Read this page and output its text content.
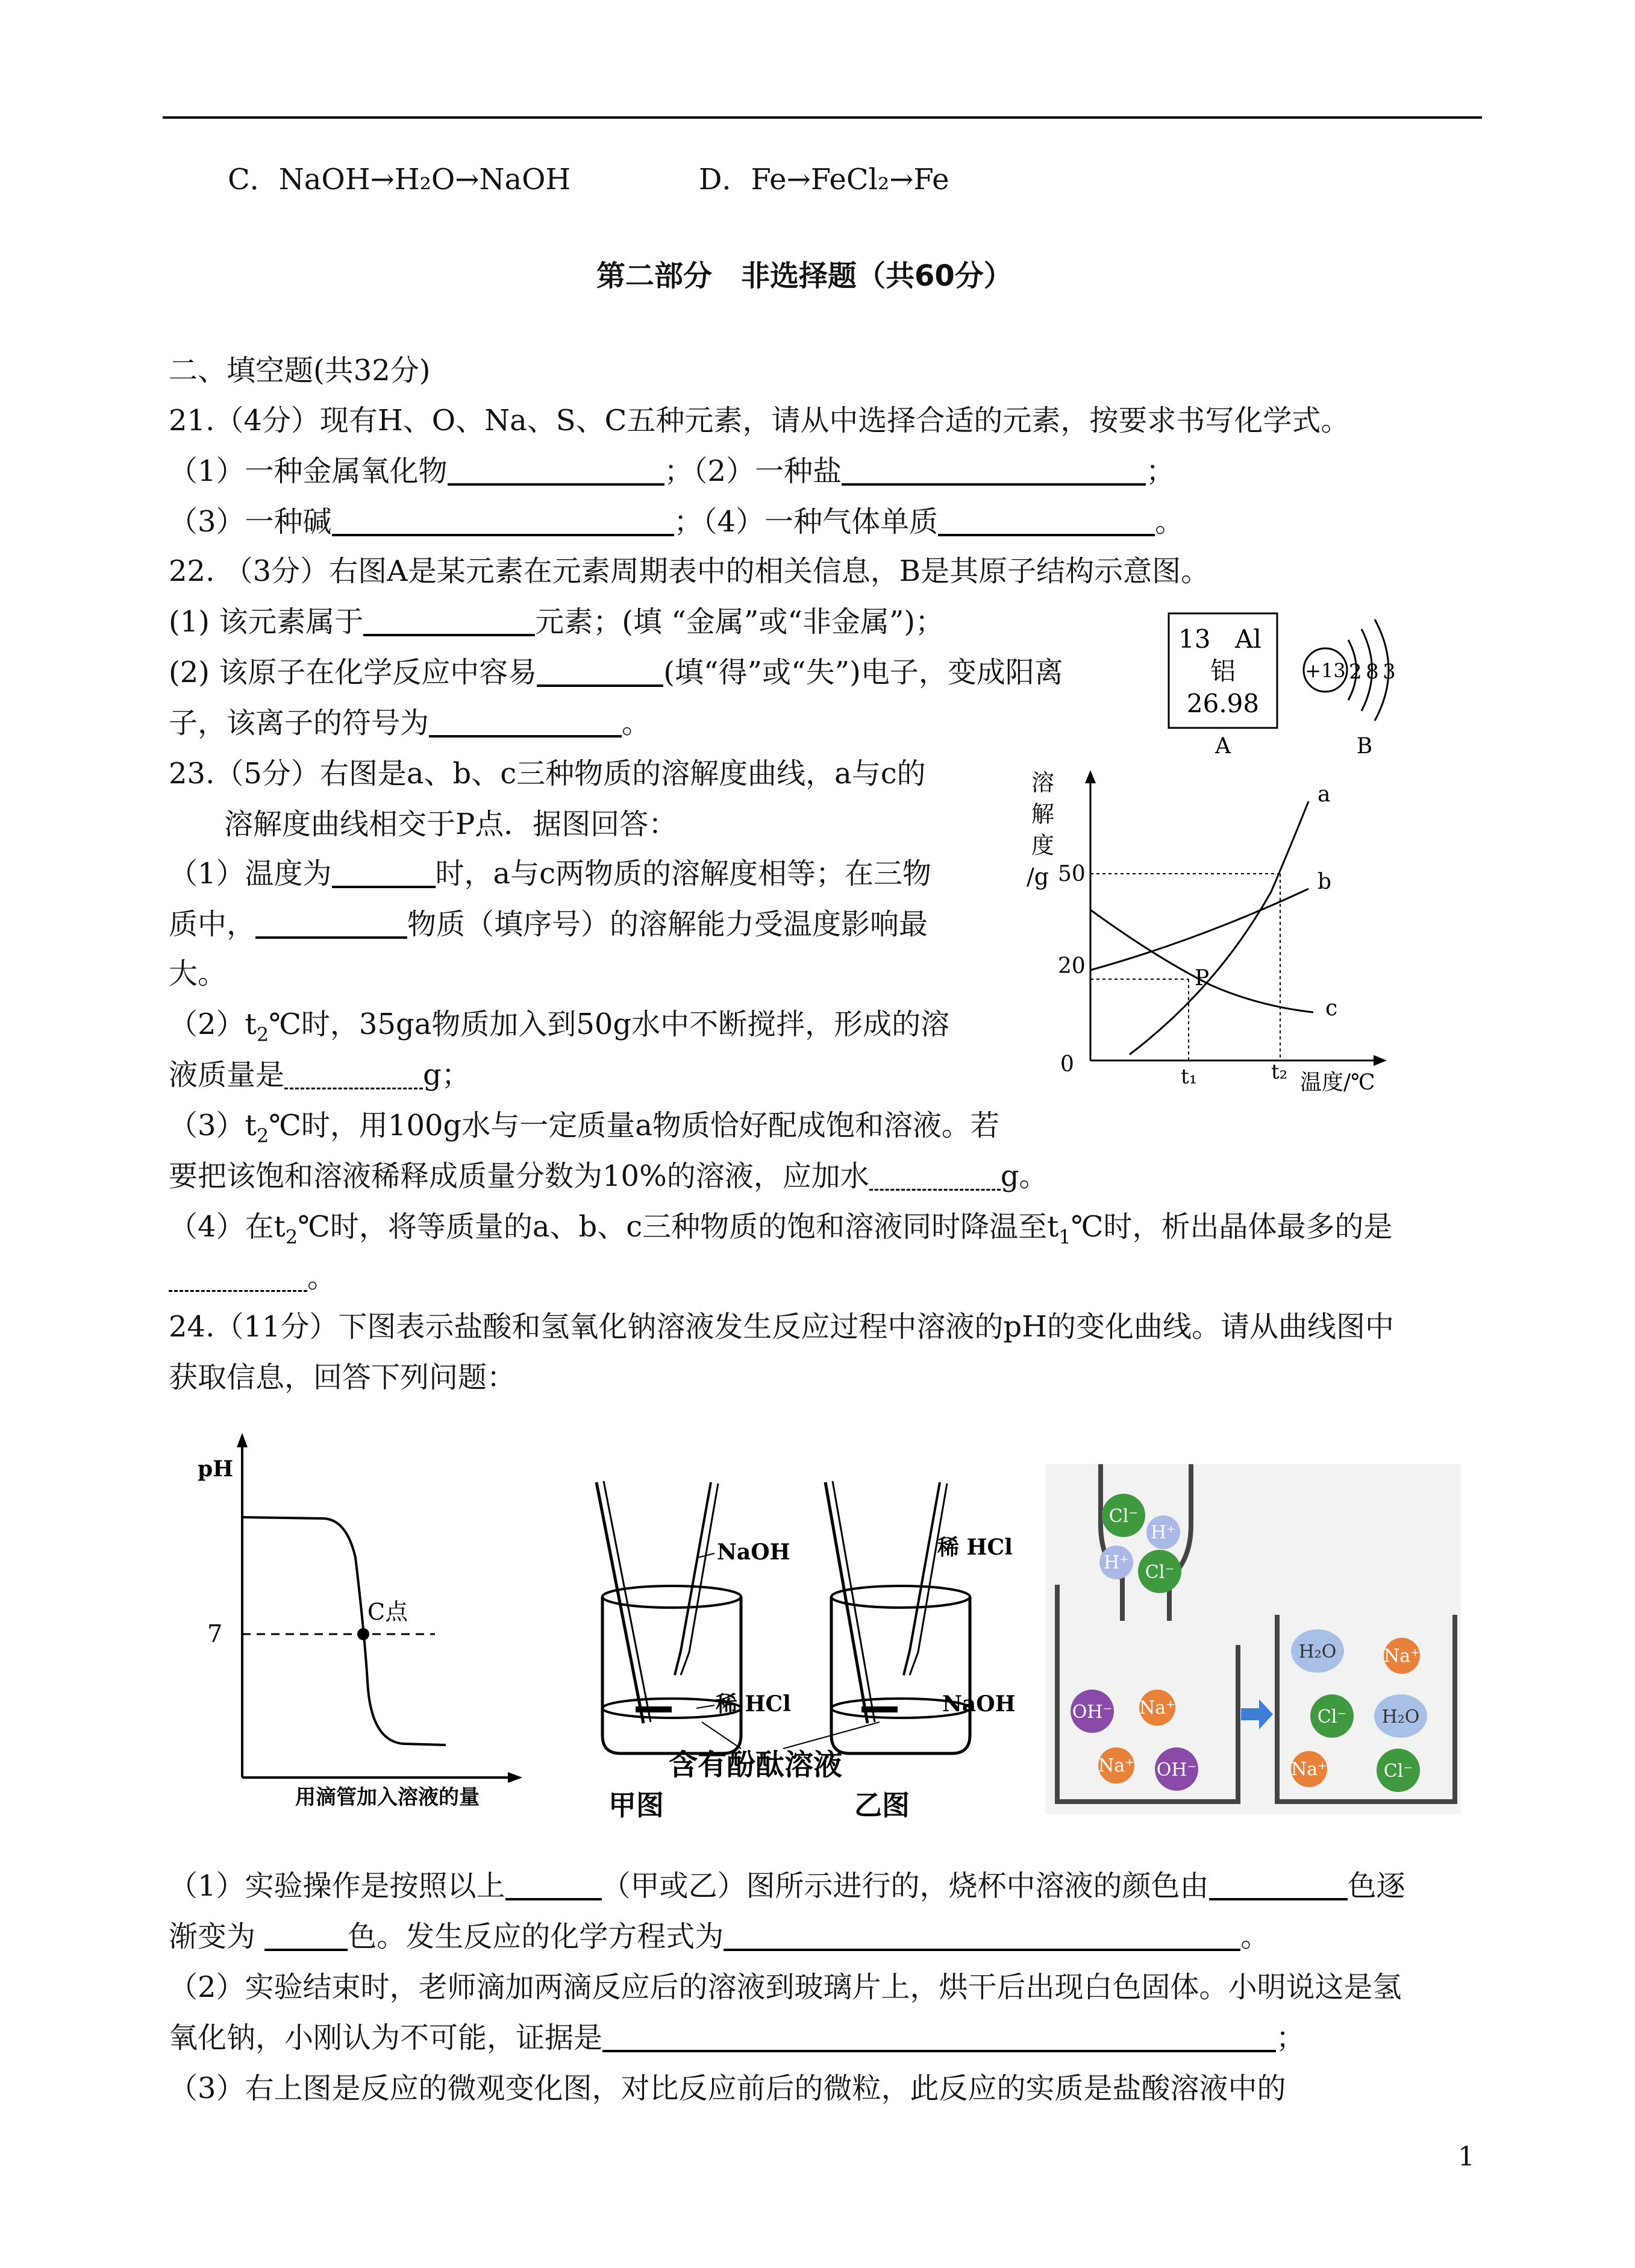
C．NaOH→H₂O→NaOH	D．Fe→FeCl₂→Fe
第二部分　非选择题（共60分）
二、填空题(共32分)
21.（4分）现有H、O、Na、S、C五种元素，请从中选择合适的元素，按要求书写化学式。
（1）一种金属氧化物	；（2）一种盐	；
（3）一种碱	；（4）一种气体单质	。
22. （3分）右图A是某元素在元素周期表中的相关信息，B是其原子结构示意图。
(1) 该元素属于	元素；(填 “金属”或“非金属”)；
(2) 该原子在化学反应中容易	(填“得”或“失”)电子，变成阳离
子，该离子的符号为	。
13 Al
铝
26.98
A
+13 2 8 3
B
23.（5分）右图是a、b、c三种物质的溶解度曲线，a与c的
溶解度曲线相交于P点．据图回答：
（1）温度为	时，a与c两物质的溶解度相等；在三物
质中，	物质（填序号）的溶解能力受温度影响最
大。
$(2)t_2℃$时，35ga物质加入到50g水中不断搅拌，形成的溶
液质量是	g；
$(3)t_2℃$时，用100g水与一定质量a物质恰好配成饱和溶液。若
要把该饱和溶液稀释成质量分数为10%的溶液，应加水	g。
（4）在$t_2℃$时，将等质量的a、b、c三种物质的饱和溶液同时降温至$t_1℃$时，析出晶体最多的是
。
溶
解
度
/g
P
a
b
c
50
20
0	t₁	t₂ 温度/℃
24.（11分）下图表示盐酸和氢氧化钠溶液发生反应过程中溶液的pH的变化曲线。请从曲线图中
获取信息，回答下列问题：
pH
7
C点
用滴管加入溶液的量
NaOH
稀 HCl
甲图
稀 HCl
NaOH
乙图
含有酚酞溶液
Cl⁻
H⁺
H⁺ Cl⁻
OH⁻ Na⁺
Na⁺ OH⁻
H₂O	Na⁺
Cl⁻ H₂O
Na⁺	Cl⁻
（1）实验操作是按照以上	（甲或乙）图所示进行的，烧杯中溶液的颜色由	色逐
渐变为	色。发生反应的化学方程式为	。
（2）实验结束时，老师滴加两滴反应后的溶液到玻璃片上，烘干后出现白色固体。小明说这是氢
氧化钠，小刚认为不可能，证据是	；
（3）右上图是反应的微观变化图，对比反应前后的微粒，此反应的实质是盐酸溶液中的
1
